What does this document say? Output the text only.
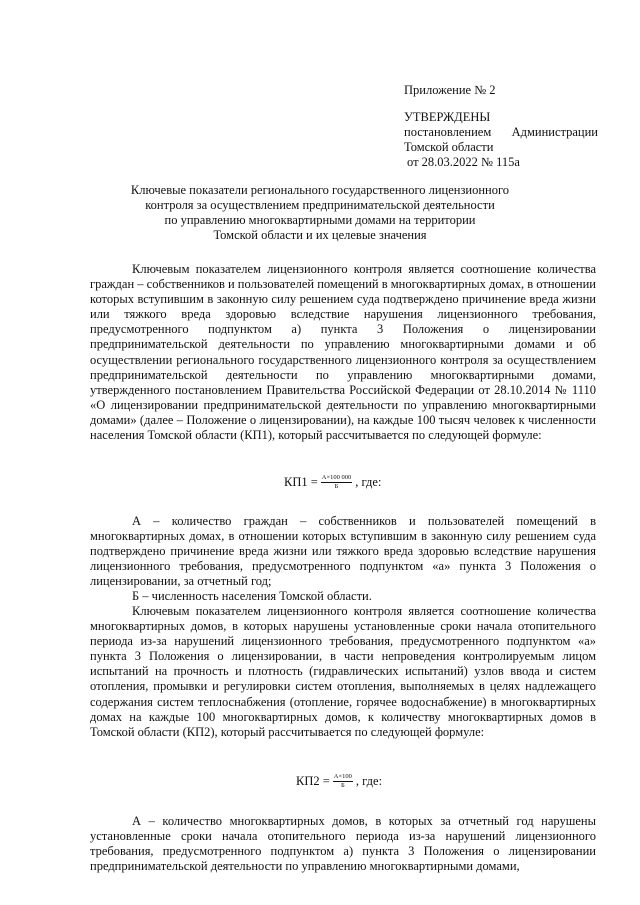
Приложение № 2
УТВЕРЖДЕНЫ
постановлением Администрации
Томской области
от 28.03.2022 № 115а
Ключевые показатели регионального государственного лицензионного
контроля за осуществлением предпринимательской деятельности
по управлению многоквартирными домами на территории
Томской области и их целевые значения
Ключевым показателем лицензионного контроля является соотношение количества граждан – собственников и пользователей помещений в многоквартирных домах, в отношении которых вступившим в законную силу решением суда подтверждено причинение вреда жизни или тяжкого вреда здоровью вследствие нарушения лицензионного требования, предусмотренного подпунктом а) пункта 3 Положения о лицензировании предпринимательской деятельности по управлению многоквартирными домами и об осуществлении регионального государственного лицензионного контроля за осуществлением предпринимательской деятельности по управлению многоквартирными домами, утвержденного постановлением Правительства Российской Федерации от 28.10.2014 № 1110 «О лицензировании предпринимательской деятельности по управлению многоквартирными домами» (далее – Положение о лицензировании), на каждые 100 тысяч человек к численности населения Томской области (КП1), который рассчитывается по следующей формуле:
$КП1 = \frac{А\times 100 000}{Б}$ , где:
А – количество граждан – собственников и пользователей помещений в многоквартирных домах, в отношении которых вступившим в законную силу решением суда подтверждено причинение вреда жизни или тяжкого вреда здоровью вследствие нарушения лицензионного требования, предусмотренного подпунктом «а» пункта 3 Положения о лицензировании, за отчетный год;
Б – численность населения Томской области.
Ключевым показателем лицензионного контроля является соотношение количества многоквартирных домов, в которых нарушены установленные сроки начала отопительного периода из-за нарушений лицензионного требования, предусмотренного подпунктом «а» пункта 3 Положения о лицензировании, в части непроведения контролируемым лицом испытаний на прочность и плотность (гидравлических испытаний) узлов ввода и систем отопления, промывки и регулировки систем отопления, выполняемых в целях надлежащего содержания систем теплоснабжения (отопление, горячее водоснабжение) в многоквартирных домах на каждые 100 многоквартирных домов, к количеству многоквартирных домов в Томской области (КП2), который рассчитывается по следующей формуле:
$КП2 = \frac{А\times 100}{Б}$ , где:
А – количество многоквартирных домов, в которых за отчетный год нарушены установленные сроки начала отопительного периода из-за нарушений лицензионного требования, предусмотренного подпунктом а) пункта 3 Положения о лицензировании предпринимательской деятельности по управлению многоквартирными домами,
